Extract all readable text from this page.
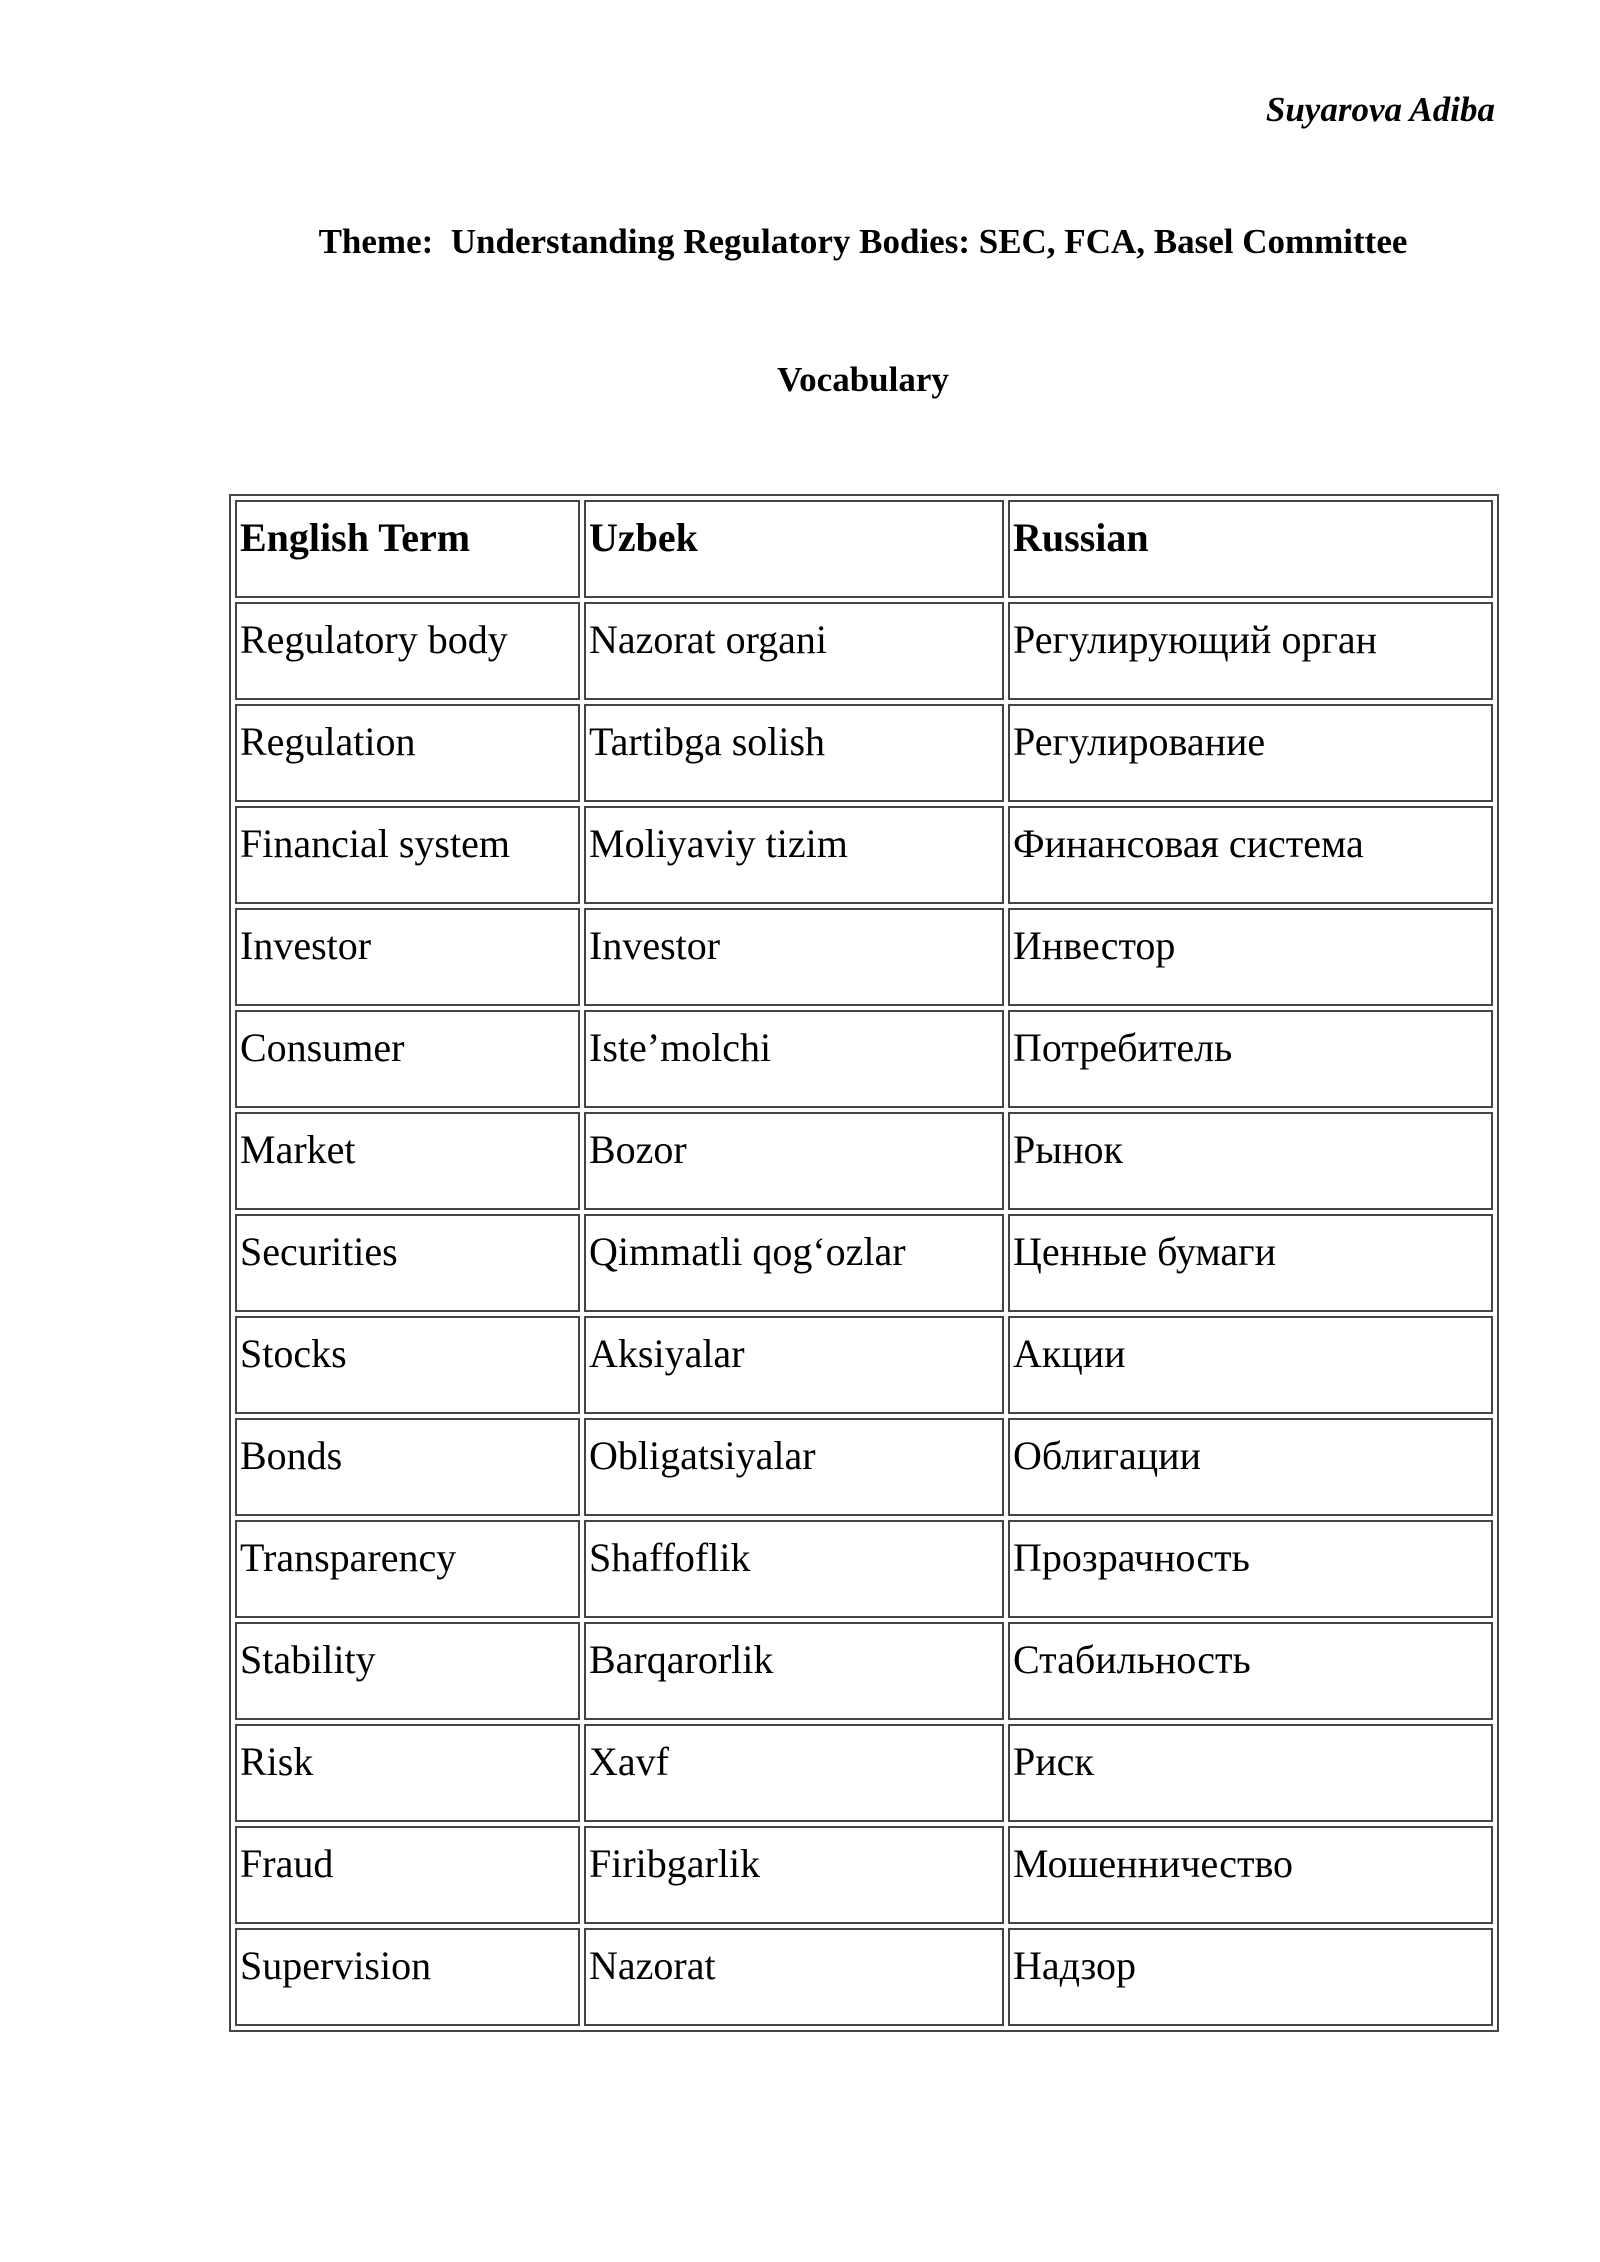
Suyarova Adiba
Theme:  Understanding Regulatory Bodies: SEC, FCA, Basel Committee
Vocabulary
English Term	Uzbek	Russian
Regulatory body	Nazorat organi	Регулирующий орган
Regulation	Tartibga solish	Регулирование
Financial system	Moliyaviy tizim	Финансовая система
Investor	Investor	Инвестор
Consumer	Iste’molchi	Потребитель
Market	Bozor	Рынок
Securities	Qimmatli qog‘ozlar	Ценные бумаги
Stocks	Aksiyalar	Акции
Bonds	Obligatsiyalar	Облигации
Transparency	Shaffoflik	Прозрачность
Stability	Barqarorlik	Стабильность
Risk	Xavf	Риск
Fraud	Firibgarlik	Мошенничество
Supervision	Nazorat	Надзор
